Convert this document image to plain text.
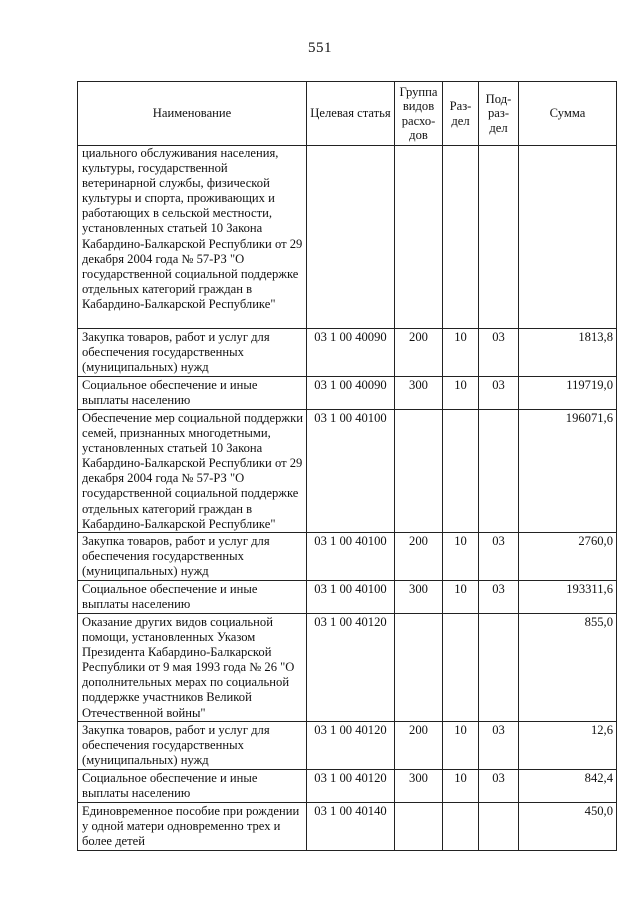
551
Наименование	Целевая статья	Группа видов расхо-дов	Раз-дел	Под-раз-дел	Сумма
циального обслуживания населения, культуры, государственной ветеринарной службы, физической культуры и спорта, проживающих и работающих в сельской местности, установленных статьей 10 Закона Кабардино-Балкарской Республики от 29 декабря 2004 года № 57-РЗ "О государственной социальной поддержке отдельных категорий граждан в Кабардино-Балкарской Республике"					
Закупка товаров, работ и услуг для обеспечения государственных (муниципальных) нужд	03 1 00 40090	200	10	03	1813,8
Социальное обеспечение и иные выплаты населению	03 1 00 40090	300	10	03	119719,0
Обеспечение мер социальной поддержки семей, признанных многодетными, установленных статьей 10 Закона Кабардино-Балкарской Республики от 29 декабря 2004 года № 57-РЗ "О государственной социальной поддержке отдельных категорий граждан в Кабардино-Балкарской Республике"	03 1 00 40100				196071,6
Закупка товаров, работ и услуг для обеспечения государственных (муниципальных) нужд	03 1 00 40100	200	10	03	2760,0
Социальное обеспечение и иные выплаты населению	03 1 00 40100	300	10	03	193311,6
Оказание других видов социальной помощи, установленных Указом Президента Кабардино-Балкарской Республики от 9 мая 1993 года № 26 "О дополнительных мерах по социальной поддержке участников Великой Отечественной войны"	03 1 00 40120				855,0
Закупка товаров, работ и услуг для обеспечения государственных (муниципальных) нужд	03 1 00 40120	200	10	03	12,6
Социальное обеспечение и иные выплаты населению	03 1 00 40120	300	10	03	842,4
Единовременное пособие при рождении у одной матери одновременно трех и более детей	03 1 00 40140				450,0
